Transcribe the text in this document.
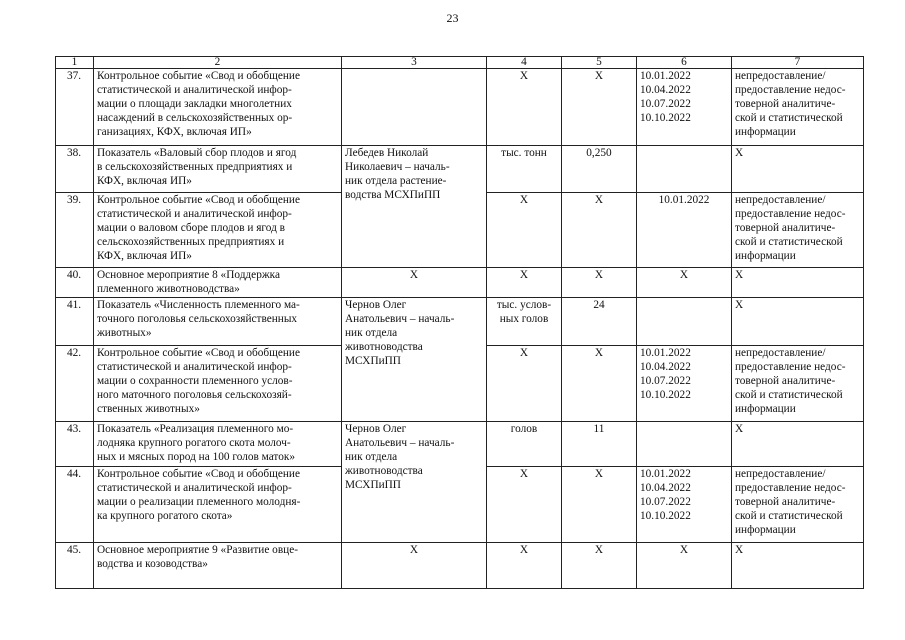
23
1	2	3	4	5	6	7
37.	Контрольное событие «Свод и обобщение
статистической и аналитической инфор-
мации о площади закладки многолетних
насаждений в сельскохозяйственных ор-
ганизациях, КФХ, включая ИП»		X	X	10.01.2022
10.04.2022
10.07.2022
10.10.2022	непредоставление/
предоставление недос-
товерной аналитиче-
ской и статистической
информации
38.	Показатель «Валовый сбор плодов и ягод
в сельскохозяйственных предприятиях и
КФХ, включая ИП»	Лебедев Николай
Николаевич – началь-
ник отдела растение-
водства МСХПиПП	тыс. тонн	0,250		X
39.	Контрольное событие «Свод и обобщение
статистической и аналитической инфор-
мации о валовом сборе плодов и ягод в
сельскохозяйственных предприятиях и
КФХ, включая ИП»		X	X	10.01.2022	непредоставление/
предоставление недос-
товерной аналитиче-
ской и статистической
информации
40.	Основное мероприятие 8 «Поддержка
племенного животноводства»	X	X	X	X	X
41.	Показатель «Численность племенного ма-
точного поголовья сельскохозяйственных
животных»	Чернов Олег
Анатольевич – началь-
ник отдела
животноводства
МСХПиПП	тыс. услов-
ных голов	24		X
42.	Контрольное событие «Свод и обобщение
статистической и аналитической инфор-
мации о сохранности племенного услов-
ного маточного поголовья сельскохозяй-
ственных животных»		X	X	10.01.2022
10.04.2022
10.07.2022
10.10.2022	непредоставление/
предоставление недос-
товерной аналитиче-
ской и статистической
информации
43.	Показатель «Реализация племенного мо-
лодняка крупного рогатого скота молоч-
ных и мясных пород на 100 голов маток»	Чернов Олег
Анатольевич – началь-
ник отдела
животноводства
МСХПиПП	голов	11		X
44.	Контрольное событие «Свод и обобщение
статистической и аналитической инфор-
мации о реализации племенного молодня-
ка крупного рогатого скота»		X	X	10.01.2022
10.04.2022
10.07.2022
10.10.2022	непредоставление/
предоставление недос-
товерной аналитиче-
ской и статистической
информации
45.	Основное мероприятие 9 «Развитие овце-
водства и козоводства»	X	X	X	X	X
